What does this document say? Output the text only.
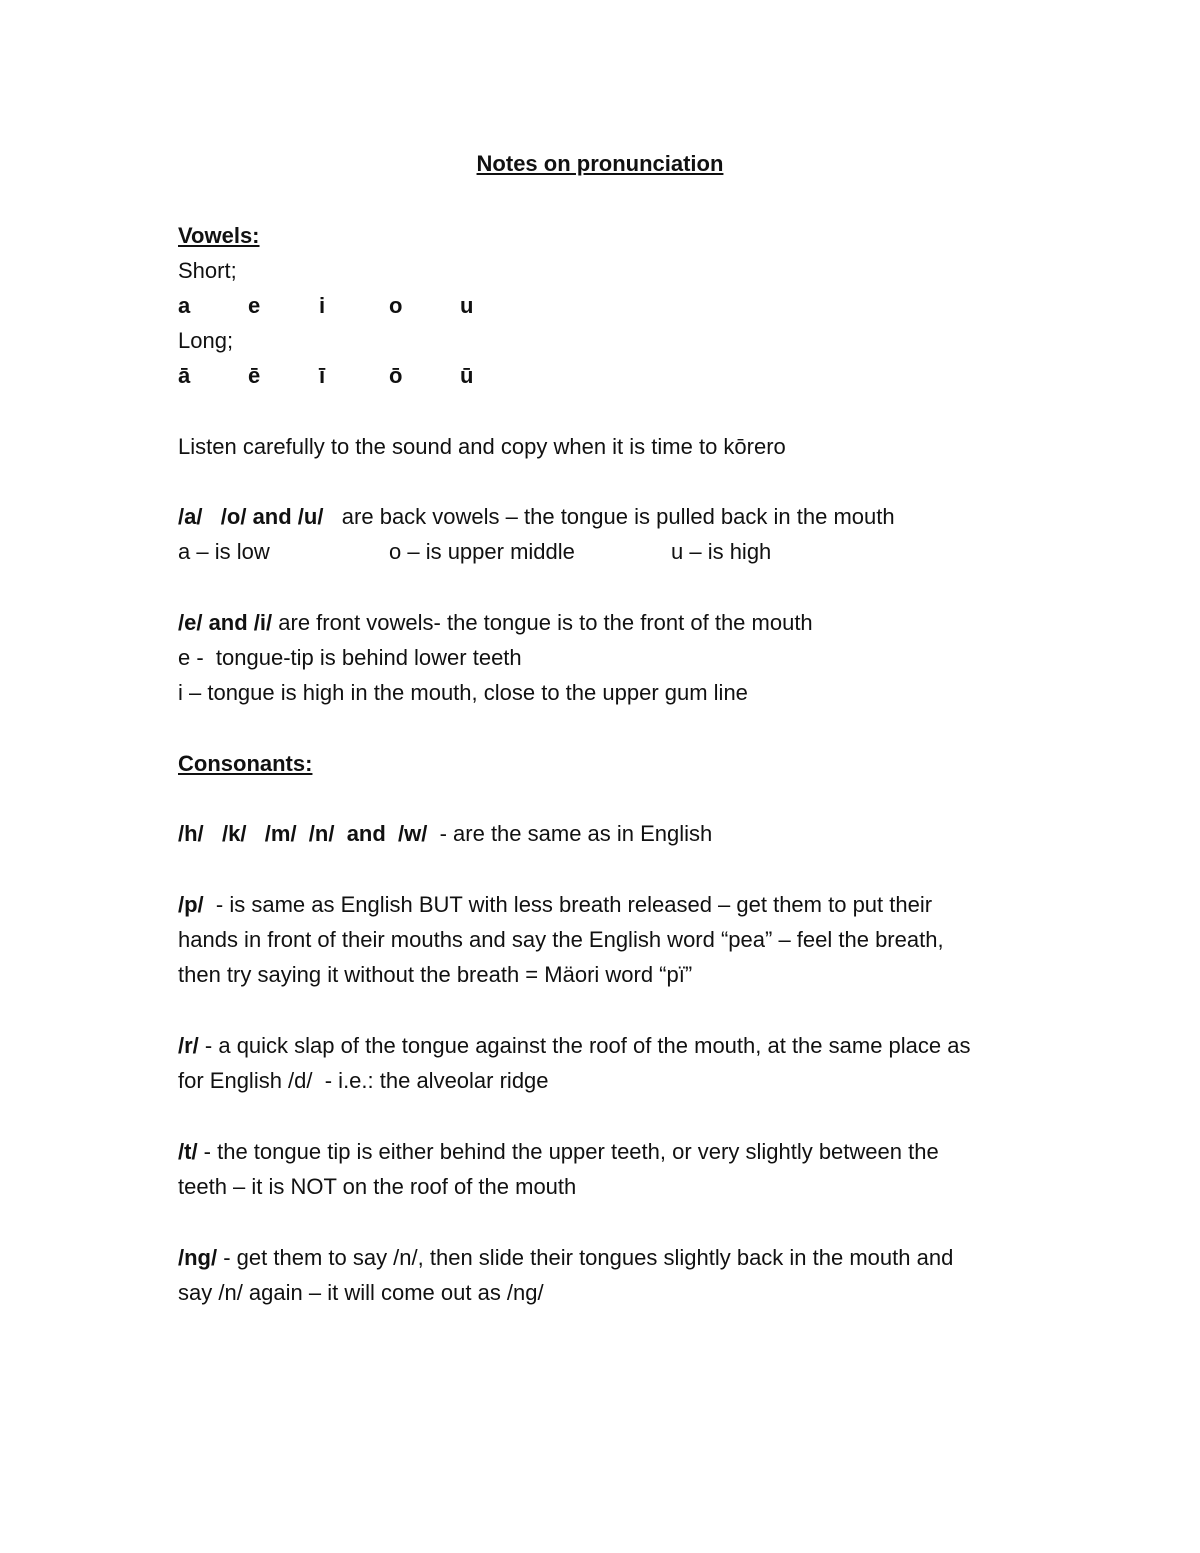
Notes on pronunciation
Vowels:
Short;
a	e	i	o	u
Long;
ā	ē	ī	ō	ū
Listen carefully to the sound and copy when it is time to kōrero
/a/   /o/ and /u/   are back vowels – the tongue is pulled back in the mouth
a – is low	o – is upper middle	u – is high
/e/ and /i/ are front vowels- the tongue is to the front of the mouth
e -  tongue-tip is behind lower teeth
i – tongue is high in the mouth, close to the upper gum line
Consonants:
/h/   /k/   /m/  /n/  and  /w/  - are the same as in English
/p/  - is same as English BUT with less breath released – get them to put their
hands in front of their mouths and say the English word “pea” – feel the breath,
then try saying it without the breath = Mäori word “pï”
/r/ - a quick slap of the tongue against the roof of the mouth, at the same place as
for English /d/  - i.e.: the alveolar ridge
/t/ - the tongue tip is either behind the upper teeth, or very slightly between the
teeth – it is NOT on the roof of the mouth
/ng/ - get them to say /n/, then slide their tongues slightly back in the mouth and
say /n/ again – it will come out as /ng/
